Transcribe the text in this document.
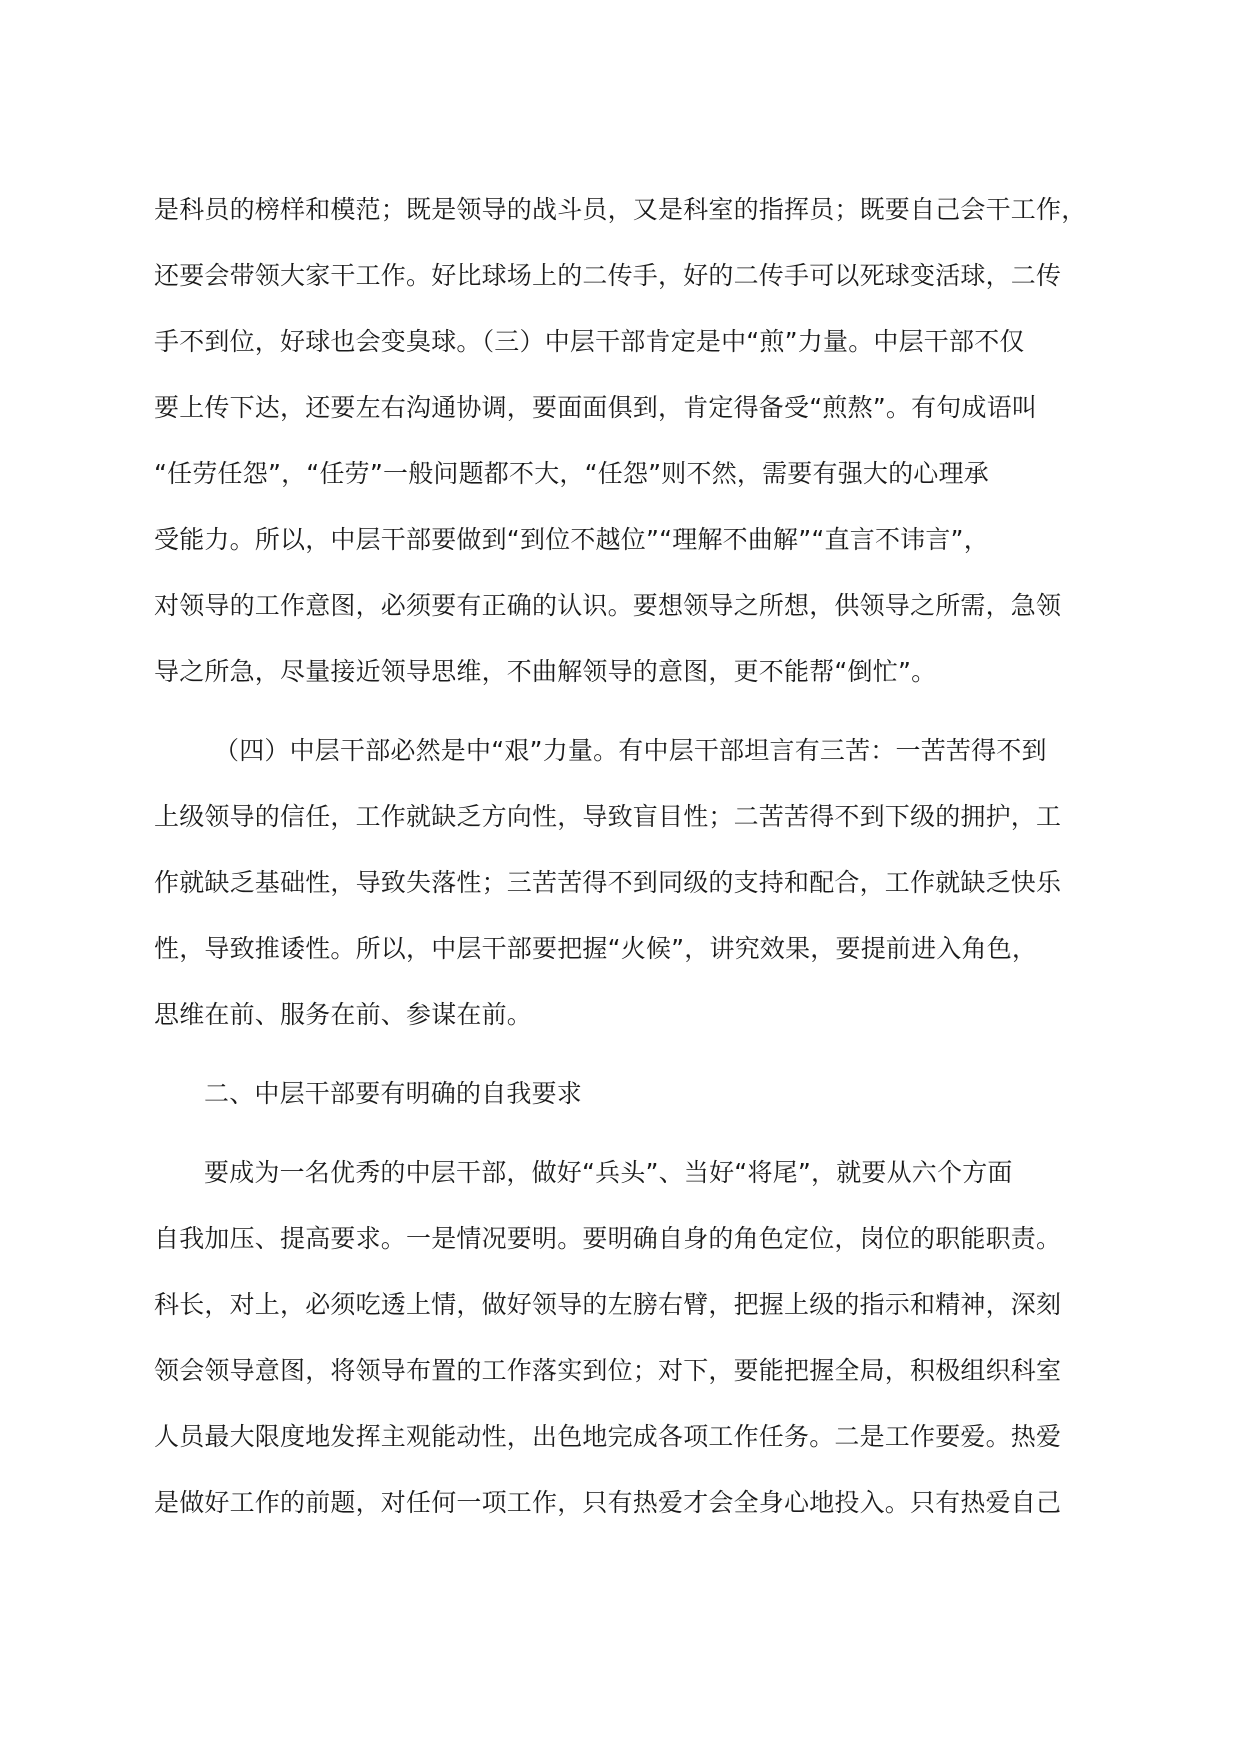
是科员的榜样和模范；既是领导的战斗员，又是科室的指挥员；既要自己会干工作，
还要会带领大家干工作。好比球场上的二传手，好的二传手可以死球变活球，二传
手不到位，好球也会变臭球。（三）中层干部肯定是中“煎”力量。中层干部不仅
要上传下达，还要左右沟通协调，要面面俱到，肯定得备受“煎熬”。有句成语叫
“任劳任怨”，“任劳”一般问题都不大，“任怨”则不然，需要有强大的心理承
受能力。所以，中层干部要做到“到位不越位”“理解不曲解”“直言不讳言”，
对领导的工作意图，必须要有正确的认识。要想领导之所想，供领导之所需，急领
导之所急，尽量接近领导思维，不曲解领导的意图，更不能帮“倒忙”。
（四）中层干部必然是中“艰”力量。有中层干部坦言有三苦：一苦苦得不到
上级领导的信任，工作就缺乏方向性，导致盲目性；二苦苦得不到下级的拥护，工
作就缺乏基础性，导致失落性；三苦苦得不到同级的支持和配合，工作就缺乏快乐
性，导致推诿性。所以，中层干部要把握“火候”，讲究效果，要提前进入角色，
思维在前、服务在前、参谋在前。
二、中层干部要有明确的自我要求
要成为一名优秀的中层干部，做好“兵头”、当好“将尾”，就要从六个方面
自我加压、提高要求。一是情况要明。要明确自身的角色定位，岗位的职能职责。
科长，对上，必须吃透上情，做好领导的左膀右臂，把握上级的指示和精神，深刻
领会领导意图，将领导布置的工作落实到位；对下，要能把握全局，积极组织科室
人员最大限度地发挥主观能动性，出色地完成各项工作任务。二是工作要爱。热爱
是做好工作的前题，对任何一项工作，只有热爱才会全身心地投入。只有热爱自己
